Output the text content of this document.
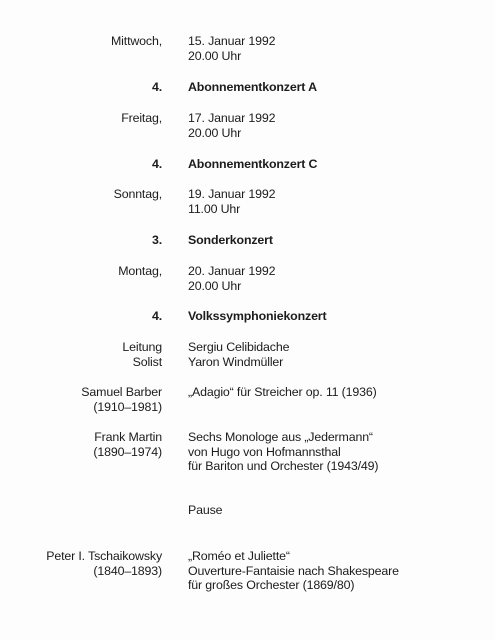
Mittwoch, 15. Januar 1992
20.00 Uhr
4. Abonnementkonzert A
Freitag, 17. Januar 1992
20.00 Uhr
4. Abonnementkonzert C
Sonntag, 19. Januar 1992
11.00 Uhr
3. Sonderkonzert
Montag, 20. Januar 1992
20.00 Uhr
4. Volkssymphoniekonzert
Leitung
Solist
Sergiu Celibidache
Yaron Windmüller
Samuel Barber
(1910–1981)
„Adagio“ für Streicher op. 11 (1936)
Frank Martin
(1890–1974)
Sechs Monologe aus „Jedermann“
von Hugo von Hofmannsthal
für Bariton und Orchester (1943/49)
Pause
Peter I. Tschaikowsky
(1840–1893)
„Roméo et Juliette“
Ouverture-Fantaisie nach Shakespeare
für großes Orchester (1869/80)
